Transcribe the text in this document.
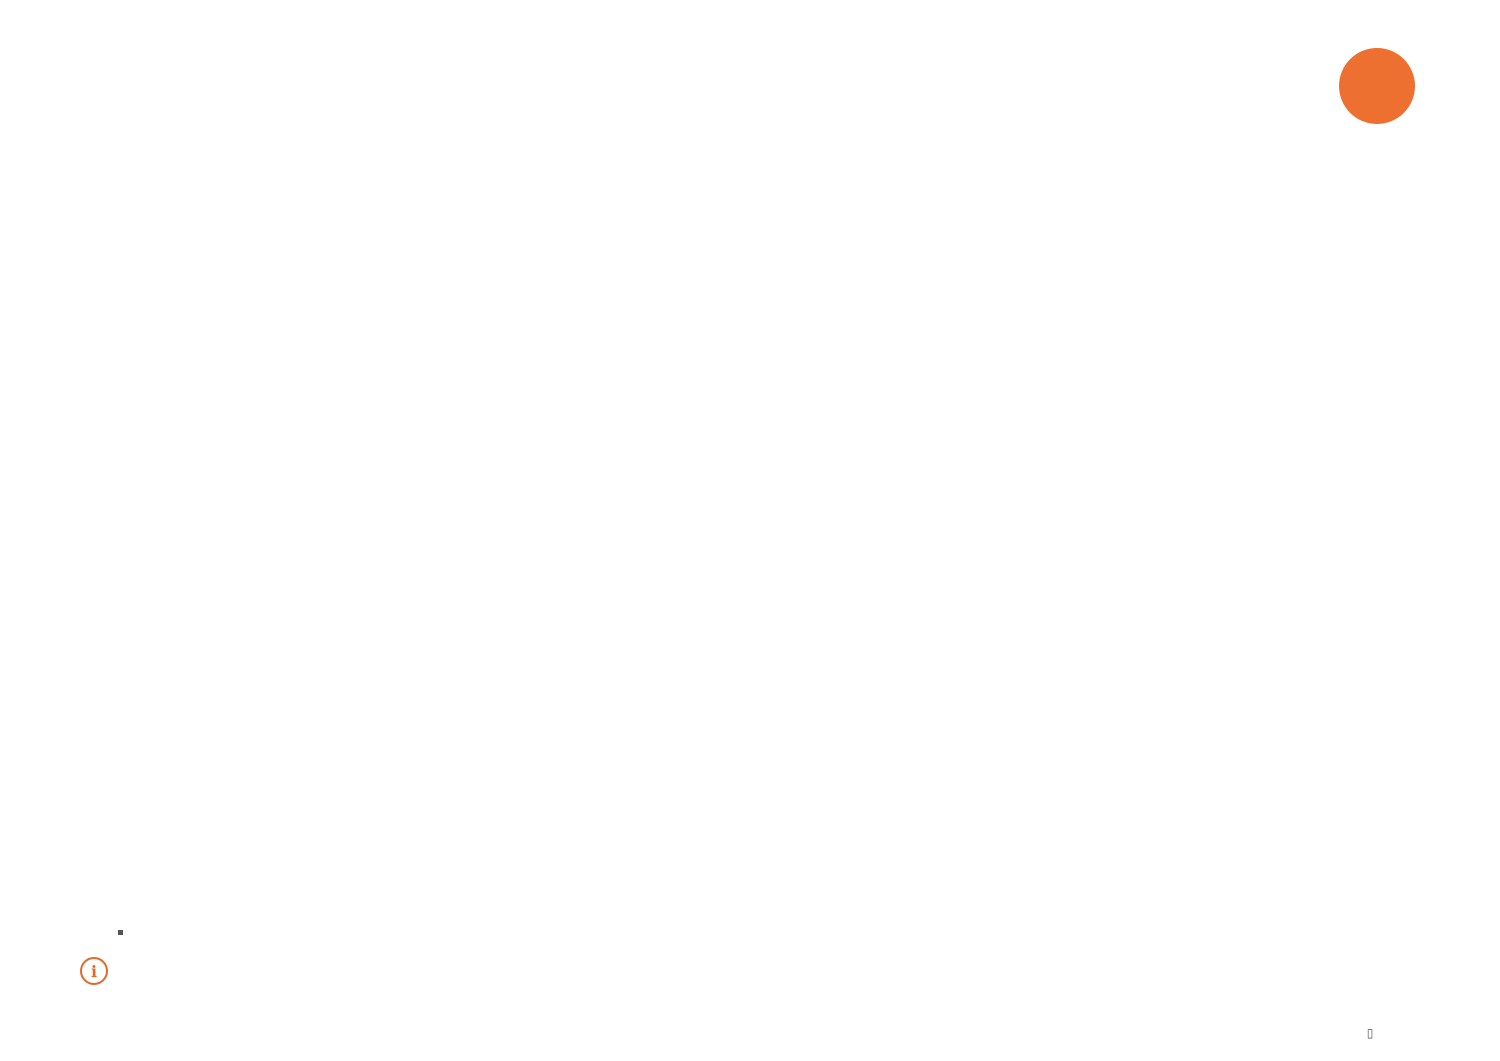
i
▯
